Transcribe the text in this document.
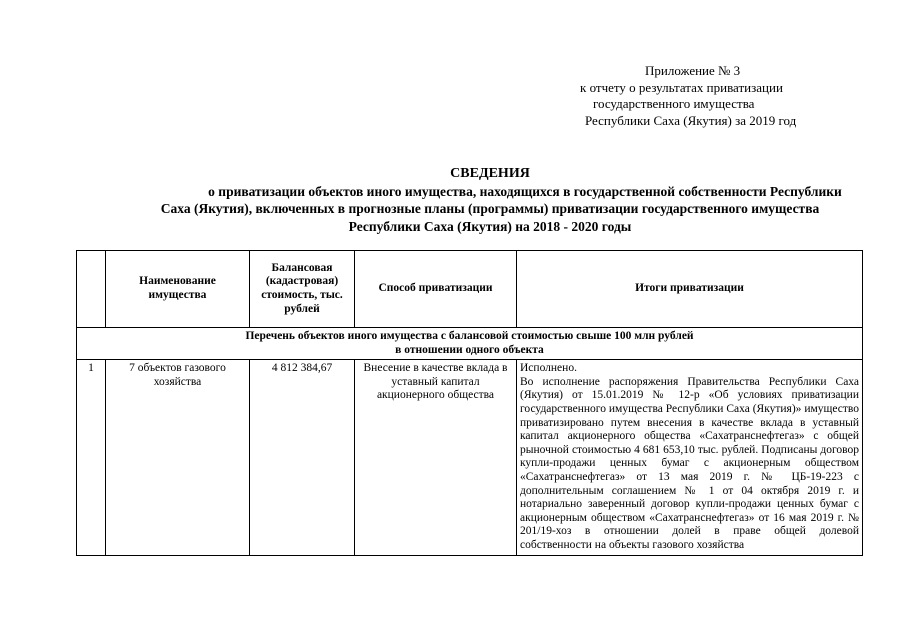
Приложение № 3
к отчету о результатах приватизации
государственного имущества
Республики Саха (Якутия) за 2019 год
СВЕДЕНИЯ
о приватизации объектов иного имущества, находящихся в государственной собственности Республики
Саха (Якутия), включенных в прогнозные планы (программы) приватизации государственного имущества
Республики Саха (Якутия) на 2018 - 2020 годы
	Наименование имущества	Балансовая (кадастровая) стоимость, тыс. рублей	Способ приватизации	Итоги приватизации

Перечень объектов иного имущества с балансовой стоимостью свыше 100 млн рублей
в отношении одного объекта				

1	7 объектов газового хозяйства	4 812 384,67	Внесение в качестве вклада в уставный капитал акционерного общества	Исполнено.
Во исполнение распоряжения Правительства Республики Саха (Якутия) от 15.01.2019 № 12-р «Об условиях приватизации государственного имущества Республики Саха (Якутия)» имущество приватизировано путем внесения в качестве вклада в уставный капитал акционерного общества «Сахатранснефтегаз» с общей рыночной стоимостью 4 681 653,10 тыс. рублей. Подписаны договор купли-продажи ценных бумаг с акционерным обществом «Сахатранснефтегаз» от 13 мая 2019 г. № ЦБ-19-223 с дополнительным соглашением № 1 от 04 октября 2019 г. и нотариально заверенный договор купли-продажи ценных бумаг с акционерным обществом «Сахатранснефтегаз» от 16 мая 2019 г. № 201/19-хоз в отношении долей в праве общей долевой собственности на объекты газового хозяйства
